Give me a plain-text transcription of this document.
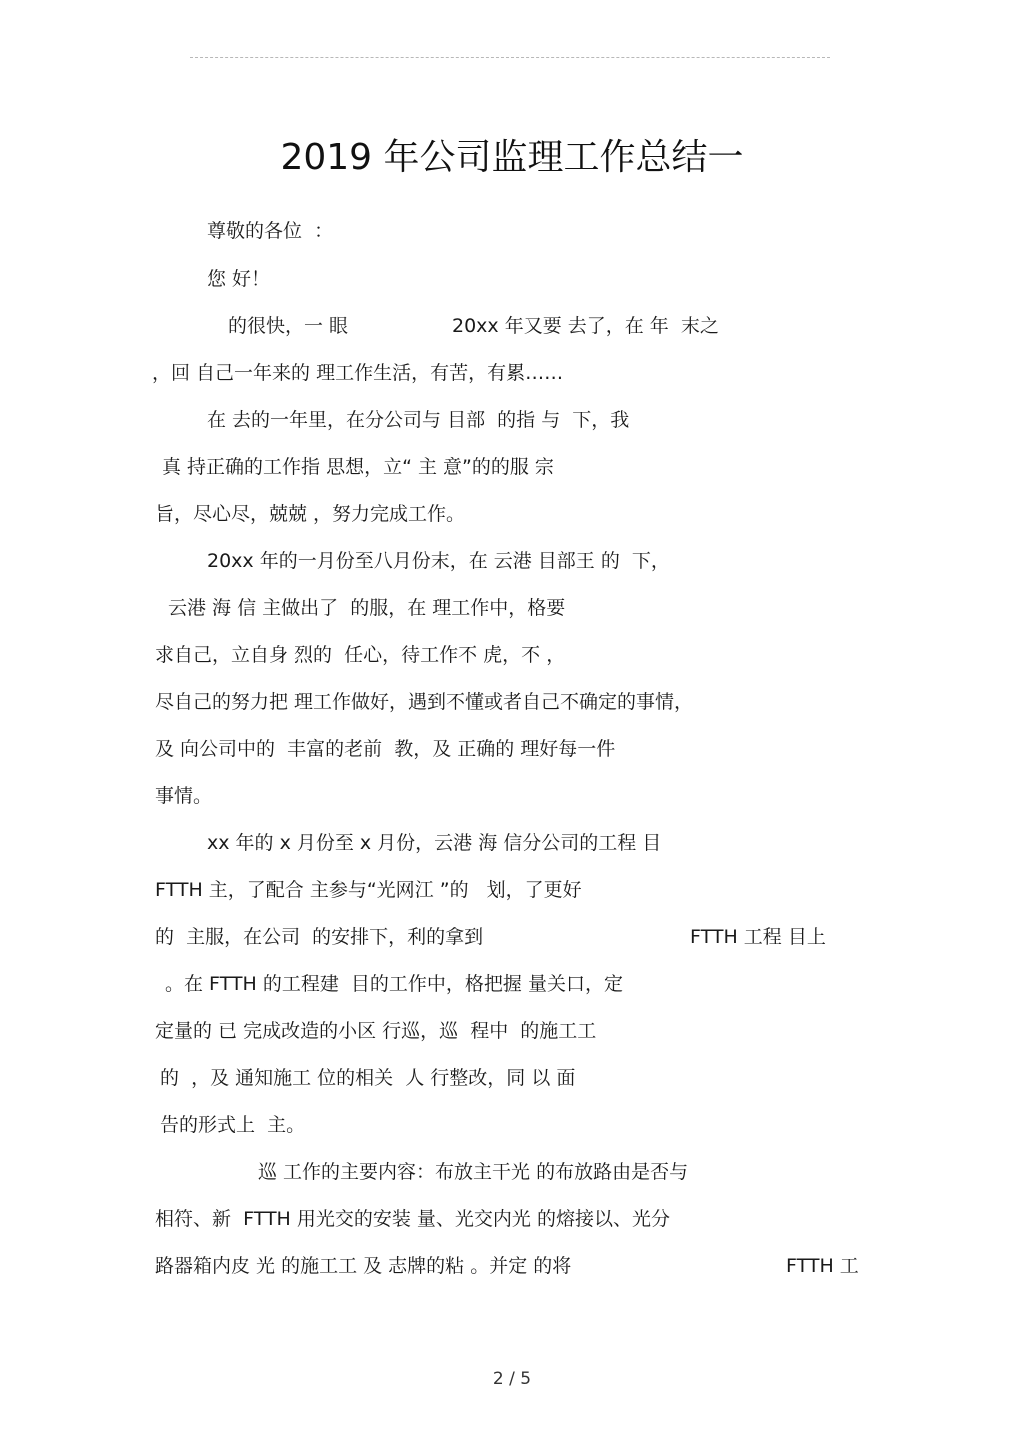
2019 年公司监理工作总结一
尊敬的各位  ：
您 好！
的很快，一 眼	20xx 年又要 去了，在 年  末之
，回 自己一年来的 理工作生活，有苦，有累……
在 去的一年里，在分公司与 目部  的指 与  下，我
真 持正确的工作指 思想，立“ 主 意”的的服 宗
旨，尽心尽，兢兢 ，努力完成工作。
20xx 年的一月份至八月份末，在 云港 目部王 的  下，
云港 海 信 主做出了  的服，在 理工作中，格要
求自己，立自身 烈的  任心，待工作不 虎，不 ，
尽自己的努力把 理工作做好，遇到不懂或者自己不确定的事情，
及 向公司中的  丰富的老前  教，及 正确的 理好每一件
事情。
xx 年的 x 月份至 x 月份，云港 海 信分公司的工程 目
FTTH 主，了配合 主参与“光网江 ”的   划，了更好
的  主服，在公司  的安排下，利的拿到	FTTH 工程 目上
。在 FTTH 的工程建  目的工作中，格把握 量关口，定
定量的 已 完成改造的小区 行巡，巡  程中  的施工工
的  ，及 通知施工 位的相关  人 行整改，同 以 面
告的形式上  主。
巡 工作的主要内容：布放主干光 的布放路由是否与
相符、新  FTTH 用光交的安装 量、光交内光 的熔接以、光分
路器箱内皮 光 的施工工 及 志牌的粘 。并定 的将	FTTH 工
2 / 5
